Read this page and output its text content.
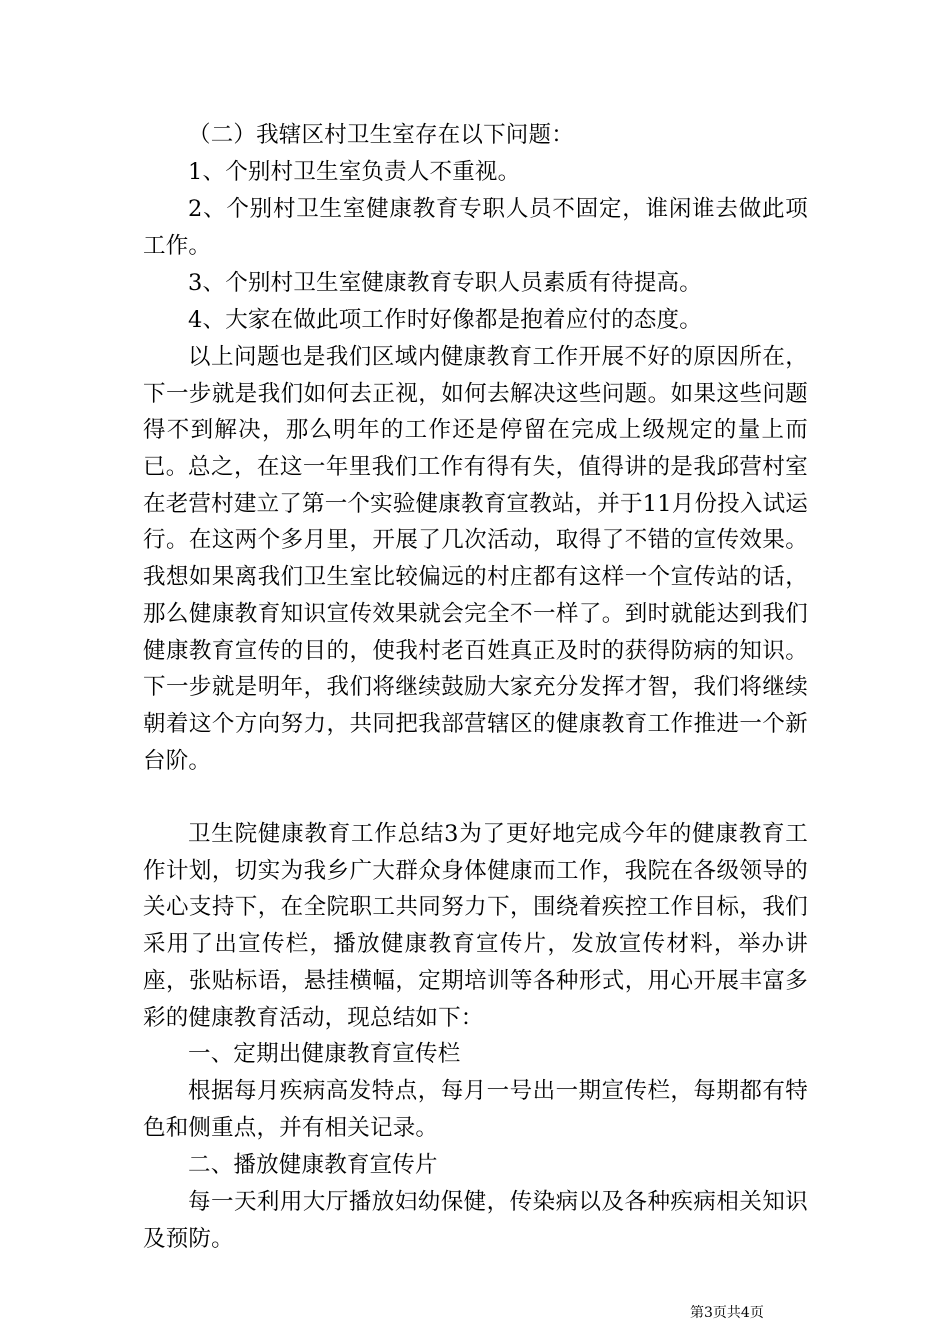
（二）我辖区村卫生室存在以下问题：

1、个别村卫生室负责人不重视。

2、个别村卫生室健康教育专职人员不固定，谁闲谁去做此项工作。

3、个别村卫生室健康教育专职人员素质有待提高。

4、大家在做此项工作时好像都是抱着应付的态度。

以上问题也是我们区域内健康教育工作开展不好的原因所在，下一步就是我们如何去正视，如何去解决这些问题。如果这些问题得不到解决，那么明年的工作还是停留在完成上级规定的量上而已。 总之，在这一年里我们工作有得有失，值得讲的是我邱营村室在老营村建立了第一个实验健康教育宣教站，并于11月份投入试运行。在这两个多月里，开展了几次活动，取得了不错的宣传效果。我想如果离我们卫生室比较偏远的村庄都有这样一个宣传站的话，那么健康教育知识宣传效果就会完全不一样了。到时就能达到我们健康教育宣传的目的，使我村老百姓真正及时的获得防病的知识。下一步就是明年，我们将继续鼓励大家充分发挥才智，我们将继续朝着这个方向努力，共同把我部营辖区的健康教育工作推进一个新台阶。

卫生院健康教育工作总结3为了更好地完成今年的健康教育工作计划，切实为我乡广大群众身体健康而工作，我院在各级领导的关心支持下，在全院职工共同努力下，围绕着疾控工作目标，我们采用了出宣传栏，播放健康教育宣传片，发放宣传材料，举办讲座，张贴标语，悬挂横幅，定期培训等各种形式，用心开展丰富多彩的健康教育活动，现总结如下：

一、定期出健康教育宣传栏

根据每月疾病高发特点，每月一号出一期宣传栏，每期都有特色和侧重点，并有相关记录。

二、播放健康教育宣传片

每一天利用大厅播放妇幼保健，传染病以及各种疾病相关知识及预防。

第3页共4页
